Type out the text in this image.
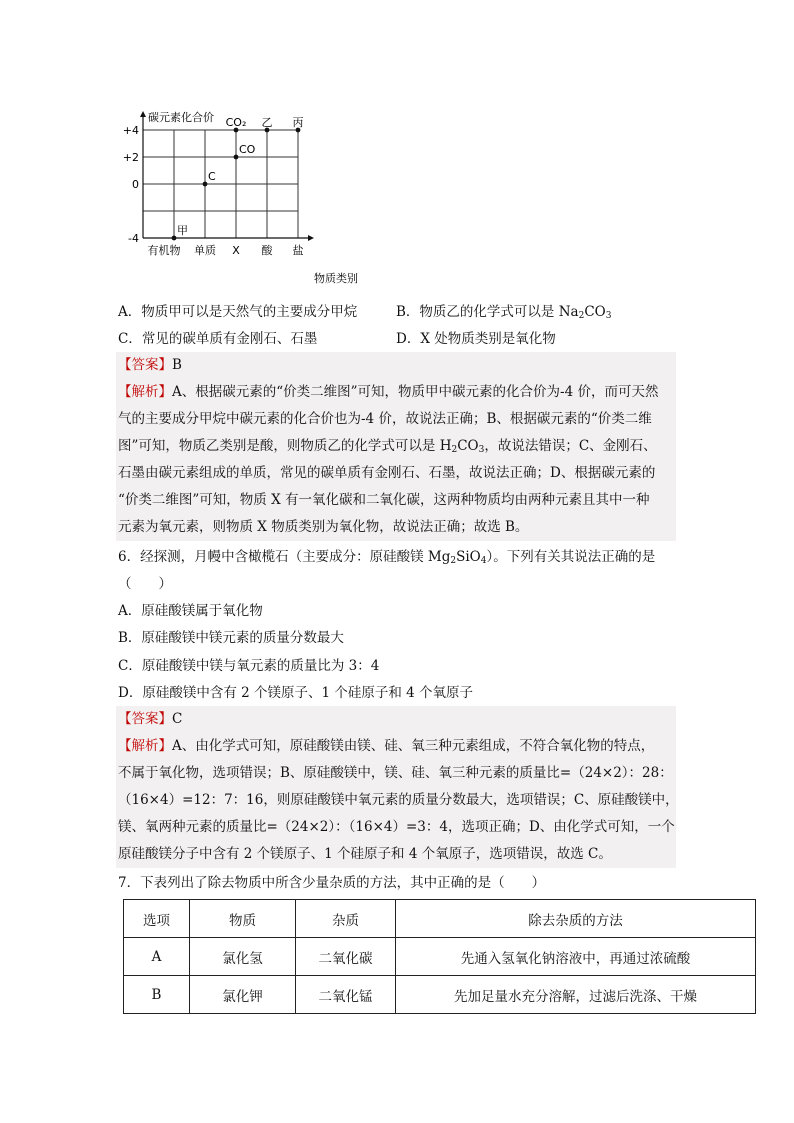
+4
+2
0
-4
有机物 单质 X 酸 盐
甲
C
CO
CO₂ 乙 丙
碳元素化合价
物质类别
A．物质甲可以是天然气的主要成分甲烷	B．物质乙的化学式可以是 $Na_2CO_3$
C．常见的碳单质有金刚石、石墨	D．X 处物质类别是氧化物
【答案】B
【解析】A、根据碳元素的“价类二维图”可知，物质甲中碳元素的化合价为-4 价，而可天然
气的主要成分甲烷中碳元素的化合价也为-4 价，故说法正确；B、根据碳元素的“价类二维
图”可知，物质乙类别是酸，则物质乙的化学式可以是 $H_2CO_3$，故说法错误；C、金刚石、
石墨由碳元素组成的单质，常见的碳单质有金刚石、石墨，故说法正确；D、根据碳元素的
“价类二维图”可知，物质 X 有一氧化碳和二氧化碳，这两种物质均由两种元素且其中一种
元素为氧元素，则物质 X 物质类别为氧化物，故说法正确；故选 B。
6．经探测，月幔中含橄榄石（主要成分：原硅酸镁 $Mg_2SiO_4$）。下列有关其说法正确的是
（　　）
A．原硅酸镁属于氧化物
B．原硅酸镁中镁元素的质量分数最大
C．原硅酸镁中镁与氧元素的质量比为 3：4
D．原硅酸镁中含有 2 个镁原子、1 个硅原子和 4 个氧原子
【答案】C
【解析】A、由化学式可知，原硅酸镁由镁、硅、氧三种元素组成，不符合氧化物的特点，
不属于氧化物，选项错误；B、原硅酸镁中，镁、硅、氧三种元素的质量比=（24×2）：28：
（16×4）=12：7：16，则原硅酸镁中氧元素的质量分数最大，选项错误；C、原硅酸镁中，
镁、氧两种元素的质量比=（24×2）：（16×4）=3：4，选项正确；D、由化学式可知，一个
原硅酸镁分子中含有 2 个镁原子、1 个硅原子和 4 个氧原子，选项错误，故选 C。
7．下表列出了除去物质中所含少量杂质的方法，其中正确的是（　　）
选项	物质	杂质	除去杂质的方法
A	氯化氢	二氧化碳	先通入氢氧化钠溶液中，再通过浓硫酸
B	氯化钾	二氧化锰	先加足量水充分溶解，过滤后洗涤、干燥
